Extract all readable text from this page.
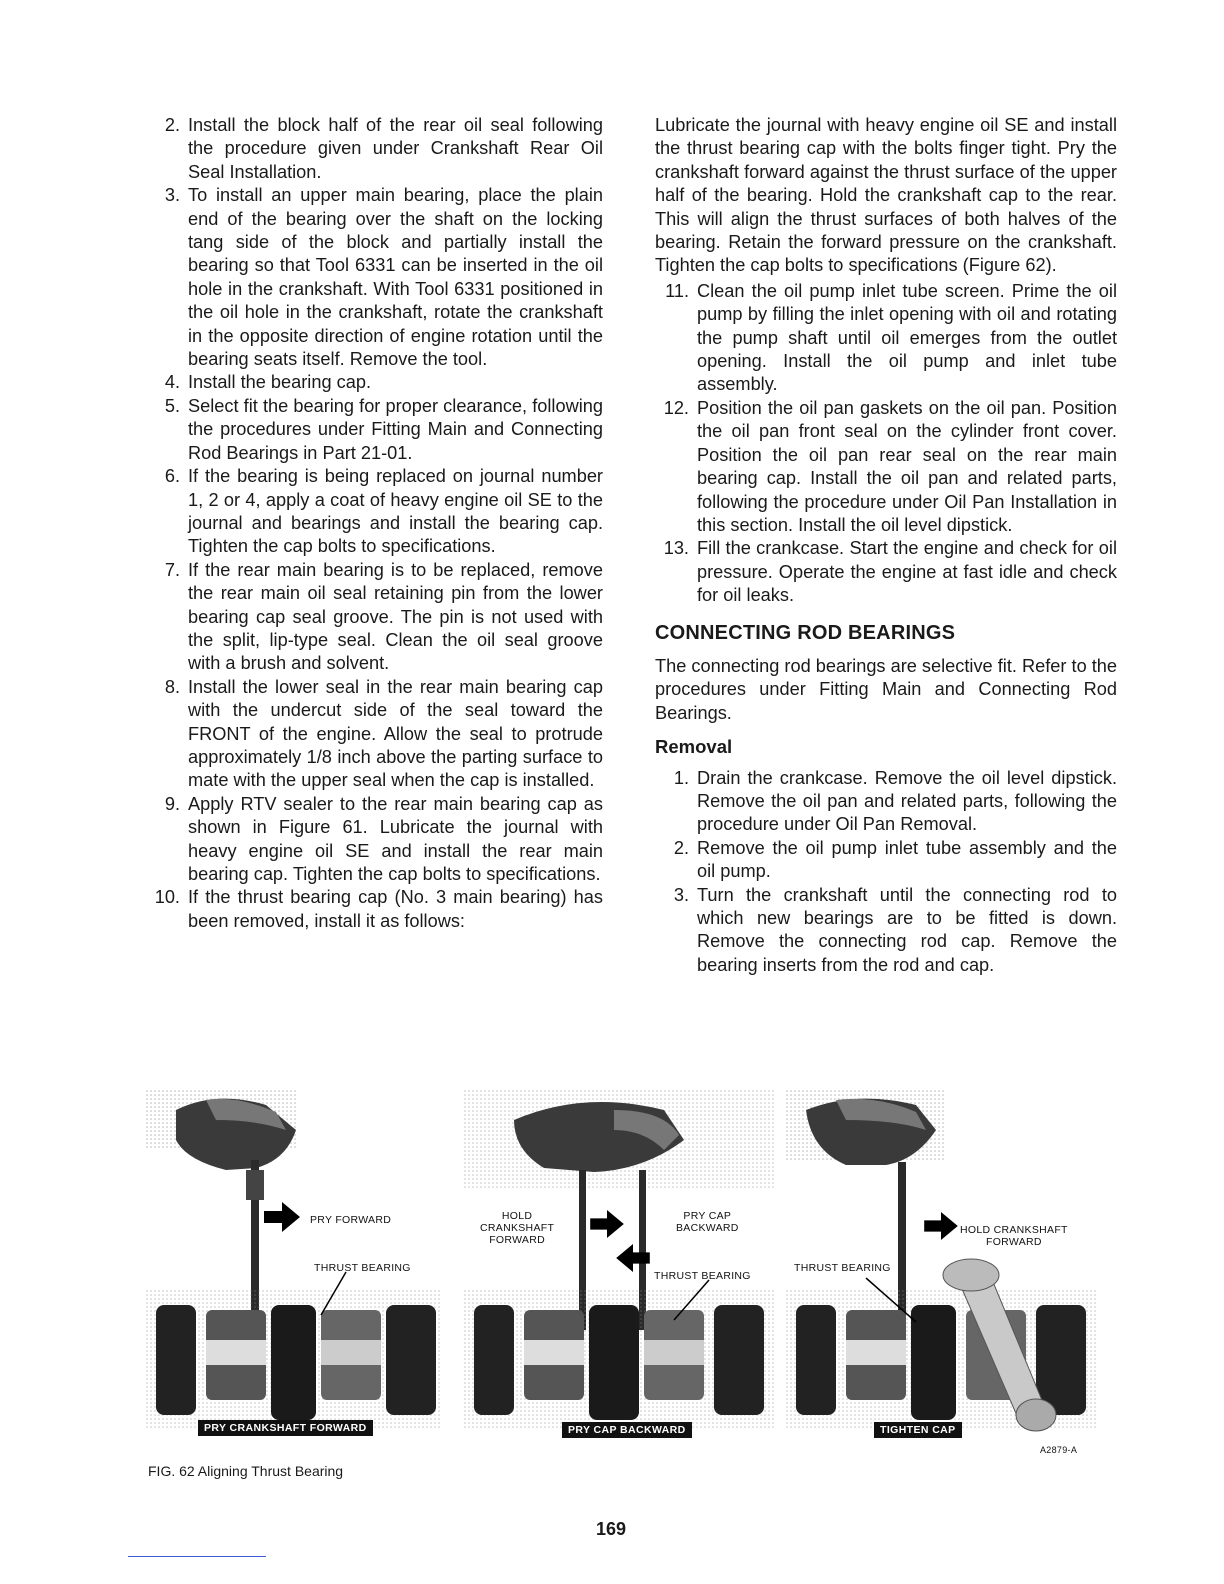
2. Install the block half of the rear oil seal following the procedure given under Crankshaft Rear Oil Seal Installation.
3. To install an upper main bearing, place the plain end of the bearing over the shaft on the locking tang side of the block and partially install the bearing so that Tool 6331 can be inserted in the oil hole in the crankshaft. With Tool 6331 positioned in the oil hole in the crankshaft, rotate the crankshaft in the opposite direction of engine rotation until the bearing seats itself. Remove the tool.
4. Install the bearing cap.
5. Select fit the bearing for proper clearance, following the procedures under Fitting Main and Connecting Rod Bearings in Part 21-01.
6. If the bearing is being replaced on journal number 1, 2 or 4, apply a coat of heavy engine oil SE to the journal and bearings and install the bearing cap. Tighten the cap bolts to specifications.
7. If the rear main bearing is to be replaced, remove the rear main oil seal retaining pin from the lower bearing cap seal groove. The pin is not used with the split, lip-type seal. Clean the oil seal groove with a brush and solvent.
8. Install the lower seal in the rear main bearing cap with the undercut side of the seal toward the FRONT of the engine. Allow the seal to protrude approximately 1/8 inch above the parting surface to mate with the upper seal when the cap is installed.
9. Apply RTV sealer to the rear main bearing cap as shown in Figure 61. Lubricate the journal with heavy engine oil SE and install the rear main bearing cap. Tighten the cap bolts to specifications.
10. If the thrust bearing cap (No. 3 main bearing) has been removed, install it as follows:

Lubricate the journal with heavy engine oil SE and install the thrust bearing cap with the bolts finger tight. Pry the crankshaft forward against the thrust surface of the upper half of the bearing. Hold the crankshaft cap to the rear. This will align the thrust surfaces of both halves of the bearing. Retain the forward pressure on the crankshaft. Tighten the cap bolts to specifications (Figure 62).

11. Clean the oil pump inlet tube screen. Prime the oil pump by filling the inlet opening with oil and rotating the pump shaft until oil emerges from the outlet opening. Install the oil pump and inlet tube assembly.
12. Position the oil pan gaskets on the oil pan. Position the oil pan front seal on the cylinder front cover. Position the oil pan rear seal on the rear main bearing cap. Install the oil pan and related parts, following the procedure under Oil Pan Installation in this section. Install the oil level dipstick.
13. Fill the crankcase. Start the engine and check for oil pressure. Operate the engine at fast idle and check for oil leaks.
CONNECTING ROD BEARINGS

The connecting rod bearings are selective fit. Refer to the procedures under Fitting Main and Connecting Rod Bearings.

Removal
1. Drain the crankcase. Remove the oil level dipstick. Remove the oil pan and related parts, following the procedure under Oil Pan Removal.
2. Remove the oil pump inlet tube assembly and the oil pump.
3. Turn the crankshaft until the connecting rod to which new bearings are to be fitted is down. Remove the connecting rod cap. Remove the bearing inserts from the rod and cap.
PRY FORWARD
THRUST BEARING
PRY CRANKSHAFT FORWARD
HOLD
CRANKSHAFT
FORWARD
PRY CAP
BACKWARD
THRUST BEARING
PRY CAP BACKWARD
HOLD CRANKSHAFT
FORWARD
THRUST BEARING
TIGHTEN CAP
A2879-A
FIG. 62 Aligning Thrust Bearing
169
